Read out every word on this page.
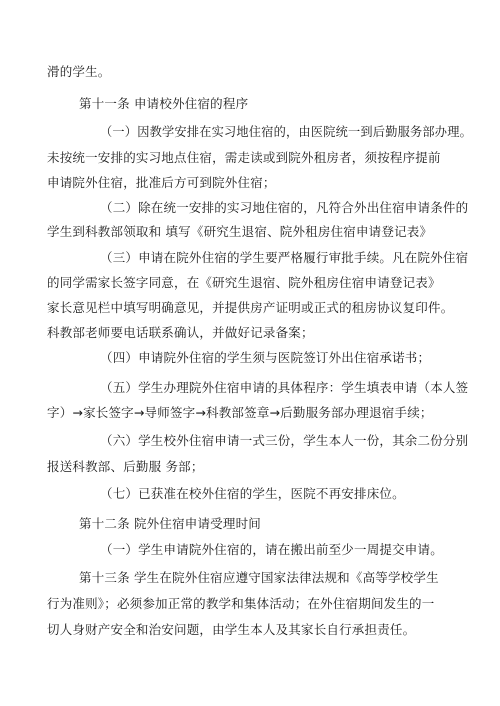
滑的学生。
第十一条 申请校外住宿的程序
（一）因教学安排在实习地住宿的，由医院统一到后勤服务部办理。
未按统一安排的实习地点住宿，需走读或到院外租房者，须按程序提前
申请院外住宿，批准后方可到院外住宿；
（二）除在统一安排的实习地住宿的，凡符合外出住宿申请条件的
学生到科教部领取和 填写《研究生退宿、院外租房住宿申请登记表》
（三）申请在院外住宿的学生要严格履行审批手续。凡在院外住宿
的同学需家长签字同意，在《研究生退宿、院外租房住宿申请登记表》
家长意见栏中填写明确意见，并提供房产证明或正式的租房协议复印件。
科教部老师要电话联系确认，并做好记录备案；
（四）申请院外住宿的学生须与医院签订外出住宿承诺书；
（五）学生办理院外住宿申请的具体程序：学生填表申请（本人签
字）→家长签字→导师签字→科教部签章→后勤服务部办理退宿手续；
（六）学生校外住宿申请一式三份，学生本人一份，其余二份分别
报送科教部、后勤服 务部；
（七）已获准在校外住宿的学生，医院不再安排床位。
第十二条 院外住宿申请受理时间
（一）学生申请院外住宿的，请在搬出前至少一周提交申请。
第十三条 学生在院外住宿应遵守国家法律法规和《高等学校学生
行为准则》；必须参加正常的教学和集体活动；在外住宿期间发生的一
切人身财产安全和治安问题，由学生本人及其家长自行承担责任。
